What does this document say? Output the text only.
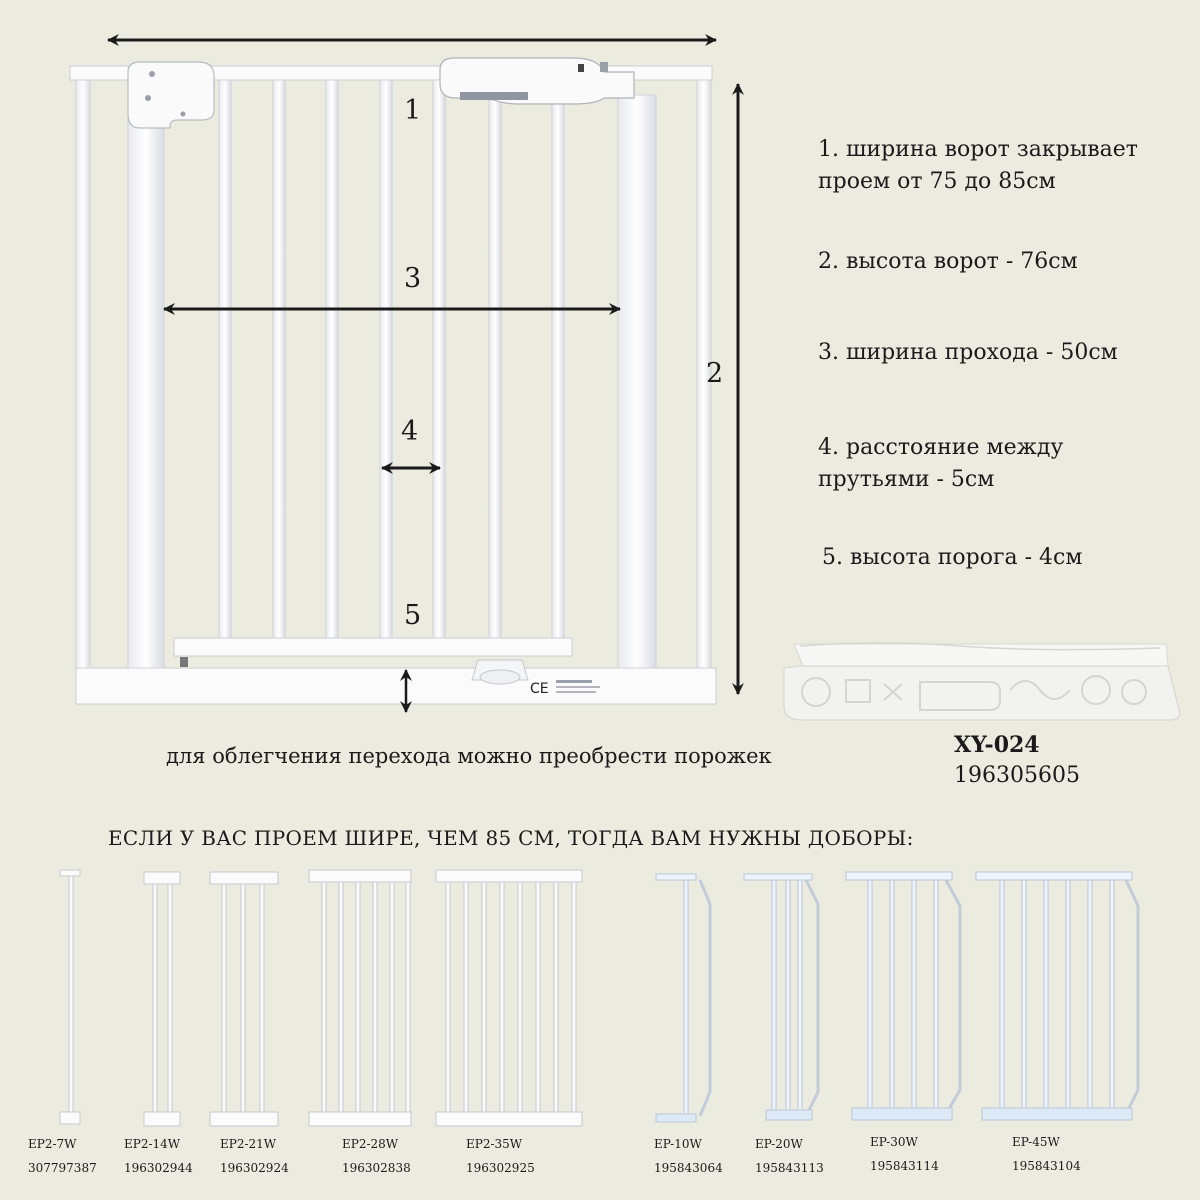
CE
1
2
3
4
5
1. ширина ворот закрывает
проем от 75 до 85см
2. высота ворот - 76см
3. ширина прохода - 50см
4. расстояние между
прутьями - 5см
5. высота порога - 4см
для облегчения перехода можно преобрести порожек	XY-024
196305605
ЕСЛИ У ВАС ПРОЕМ ШИРЕ, ЧЕМ 85 СМ, ТОГДА ВАМ НУЖНЫ ДОБОРЫ:
EP2-7W
307797387
EP2-14W
196302944
EP2-21W
196302924
EP2-28W
196302838
EP2-35W
196302925
EP-10W
195843064
EP-20W
195843113
EP-30W
195843114
EP-45W
195843104
